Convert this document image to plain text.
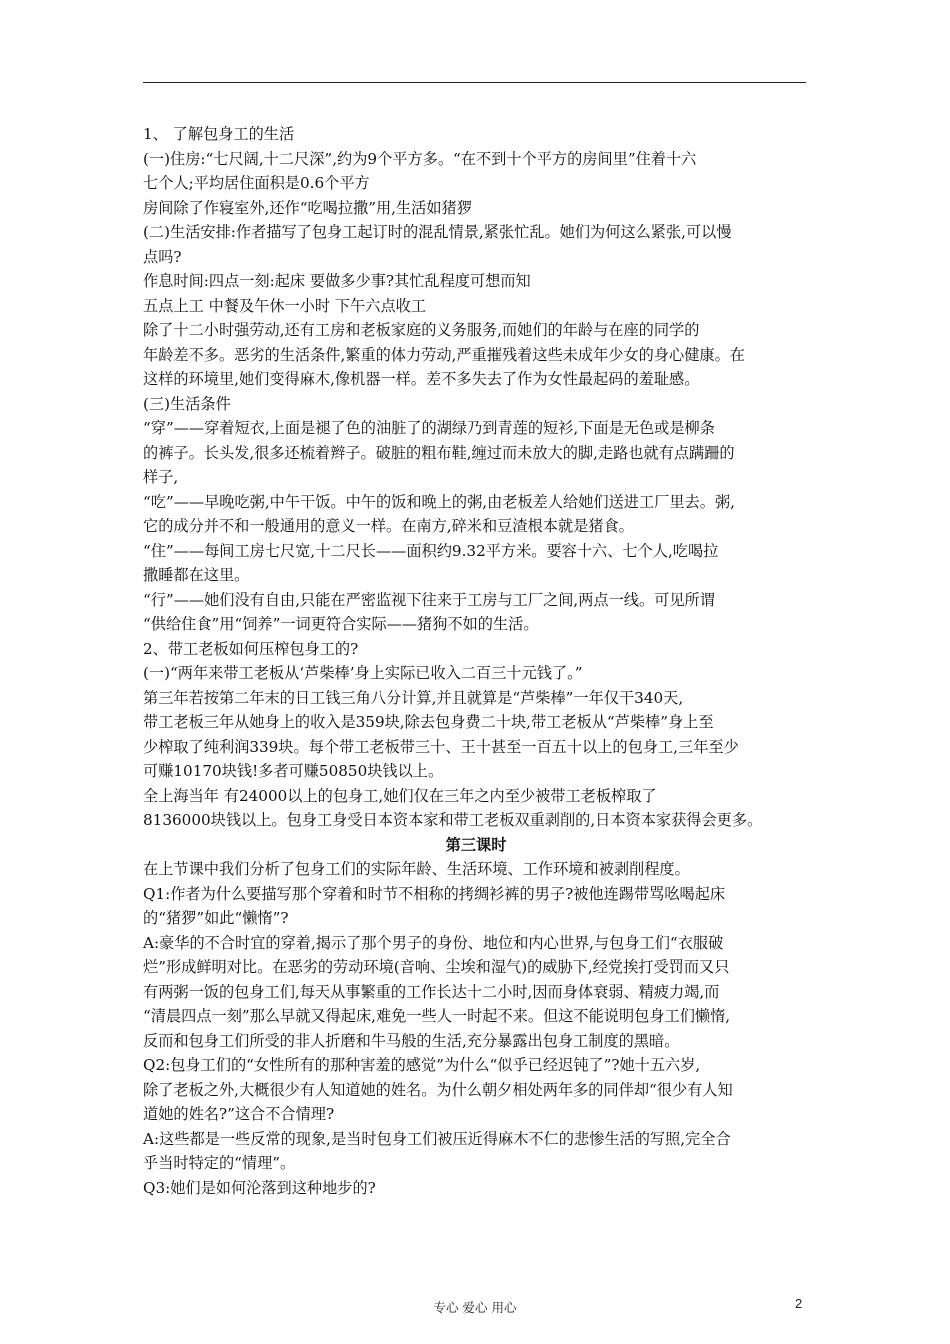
1、 了解包身工的生活

(一)住房:“七尺阔,十二尺深”,约为9个平方多。“在不到十个平方的房间里”住着十六

七个人;平均居住面积是0.6个平方

房间除了作寝室外,还作“吃喝拉撒”用,生活如猪猡

(二)生活安排:作者描写了包身工起订时的混乱情景,紧张忙乱。她们为何这么紧张,可以慢

点吗?

作息时间:四点一刻:起床 要做多少事?其忙乱程度可想而知

五点上工 中餐及午休一小时 下午六点收工

除了十二小时强劳动,还有工房和老板家庭的义务服务,而她们的年龄与在座的同学的

年龄差不多。恶劣的生活条件,繁重的体力劳动,严重摧残着这些未成年少女的身心健康。在

这样的环境里,她们变得麻木,像机器一样。差不多失去了作为女性最起码的羞耻感。

(三)生活条件

“穿”——穿着短衣,上面是褪了色的油脏了的湖绿乃到青莲的短衫,下面是无色或是柳条

的裤子。长头发,很多还梳着辫子。破脏的粗布鞋,缠过而未放大的脚,走路也就有点蹒跚的

样子,

“吃”——早晚吃粥,中午干饭。中午的饭和晚上的粥,由老板差人给她们送进工厂里去。粥,

它的成分并不和一般通用的意义一样。在南方,碎米和豆渣根本就是猪食。

“住”——每间工房七尺宽,十二尺长——面积约9.32平方米。要容十六、七个人,吃喝拉

撒睡都在这里。

“行”——她们没有自由,只能在严密监视下往来于工房与工厂之间,两点一线。可见所谓

“供给住食”用“饲养”一词更符合实际——猪狗不如的生活。

2、带工老板如何压榨包身工的?

(一)“两年来带工老板从‘芦柴棒’身上实际已收入二百三十元钱了。”

第三年若按第二年末的日工钱三角八分计算,并且就算是“芦柴棒”一年仅干340天,

带工老板三年从她身上的收入是359块,除去包身费二十块,带工老板从“芦柴棒”身上至

少榨取了纯利润339块。每个带工老板带三十、王十甚至一百五十以上的包身工,三年至少

可赚10170块钱!多者可赚50850块钱以上。

全上海当年 有24000以上的包身工,她们仅在三年之内至少被带工老板榨取了

8136000块钱以上。包身工身受日本资本家和带工老板双重剥削的,日本资本家获得会更多。

第三课时

在上节课中我们分析了包身工们的实际年龄、生活环境、工作环境和被剥削程度。

Q1:作者为什么要描写那个穿着和时节不相称的拷绸衫裤的男子?被他连踢带骂吆喝起床

的“猪猡”如此“懒惰”?

A:豪华的不合时宜的穿着,揭示了那个男子的身份、地位和内心世界,与包身工们“衣服破

烂”形成鲜明对比。在恶劣的劳动环境(音响、尘埃和湿气)的威胁下,经党挨打受罚而又只

有两粥一饭的包身工们,每天从事繁重的工作长达十二小时,因而身体衰弱、精疲力竭,而

“清晨四点一刻”那么早就又得起床,难免一些人一时起不来。但这不能说明包身工们懒惰,

反而和包身工们所受的非人折磨和牛马般的生活,充分暴露出包身工制度的黑暗。

Q2:包身工们的“女性所有的那种害羞的感觉”为什么“似乎已经迟钝了”?她十五六岁,

除了老板之外,大概很少有人知道她的姓名。为什么朝夕相处两年多的同伴却“很少有人知

道她的姓名?”这合不合情理?

A:这些都是一些反常的现象,是当时包身工们被压近得麻木不仁的悲惨生活的写照,完全合

乎当时特定的“情理”。

Q3:她们是如何沦落到这种地步的?

专心 爱心 用心	2
